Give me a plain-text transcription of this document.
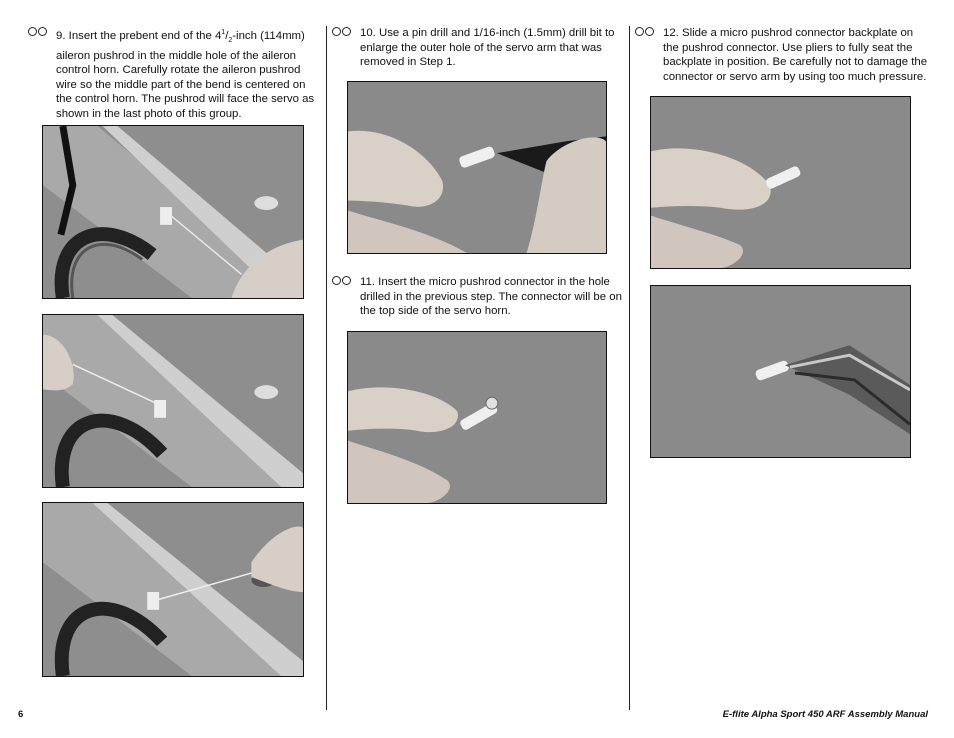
9. Insert the prebent end of the $4^1/_2$-inch (114mm) aileron pushrod in the middle hole of the aileron control horn. Carefully rotate the aileron pushrod wire so the middle part of the bend is centered on the control horn. The pushrod will face the servo as shown in the last photo of this group.
10. Use a pin drill and 1/16-inch (1.5mm) drill bit to enlarge the outer hole of the servo arm that was removed in Step 1.
11. Insert the micro pushrod connector in the hole drilled in the previous step. The connector will be on the top side of the servo horn.
12. Slide a micro pushrod connector backplate on the pushrod connector. Use pliers to fully seat the backplate in position. Be carefully not to damage the connector or servo arm by using too much pressure.
6	E-flite Alpha Sport 450 ARF Assembly Manual
